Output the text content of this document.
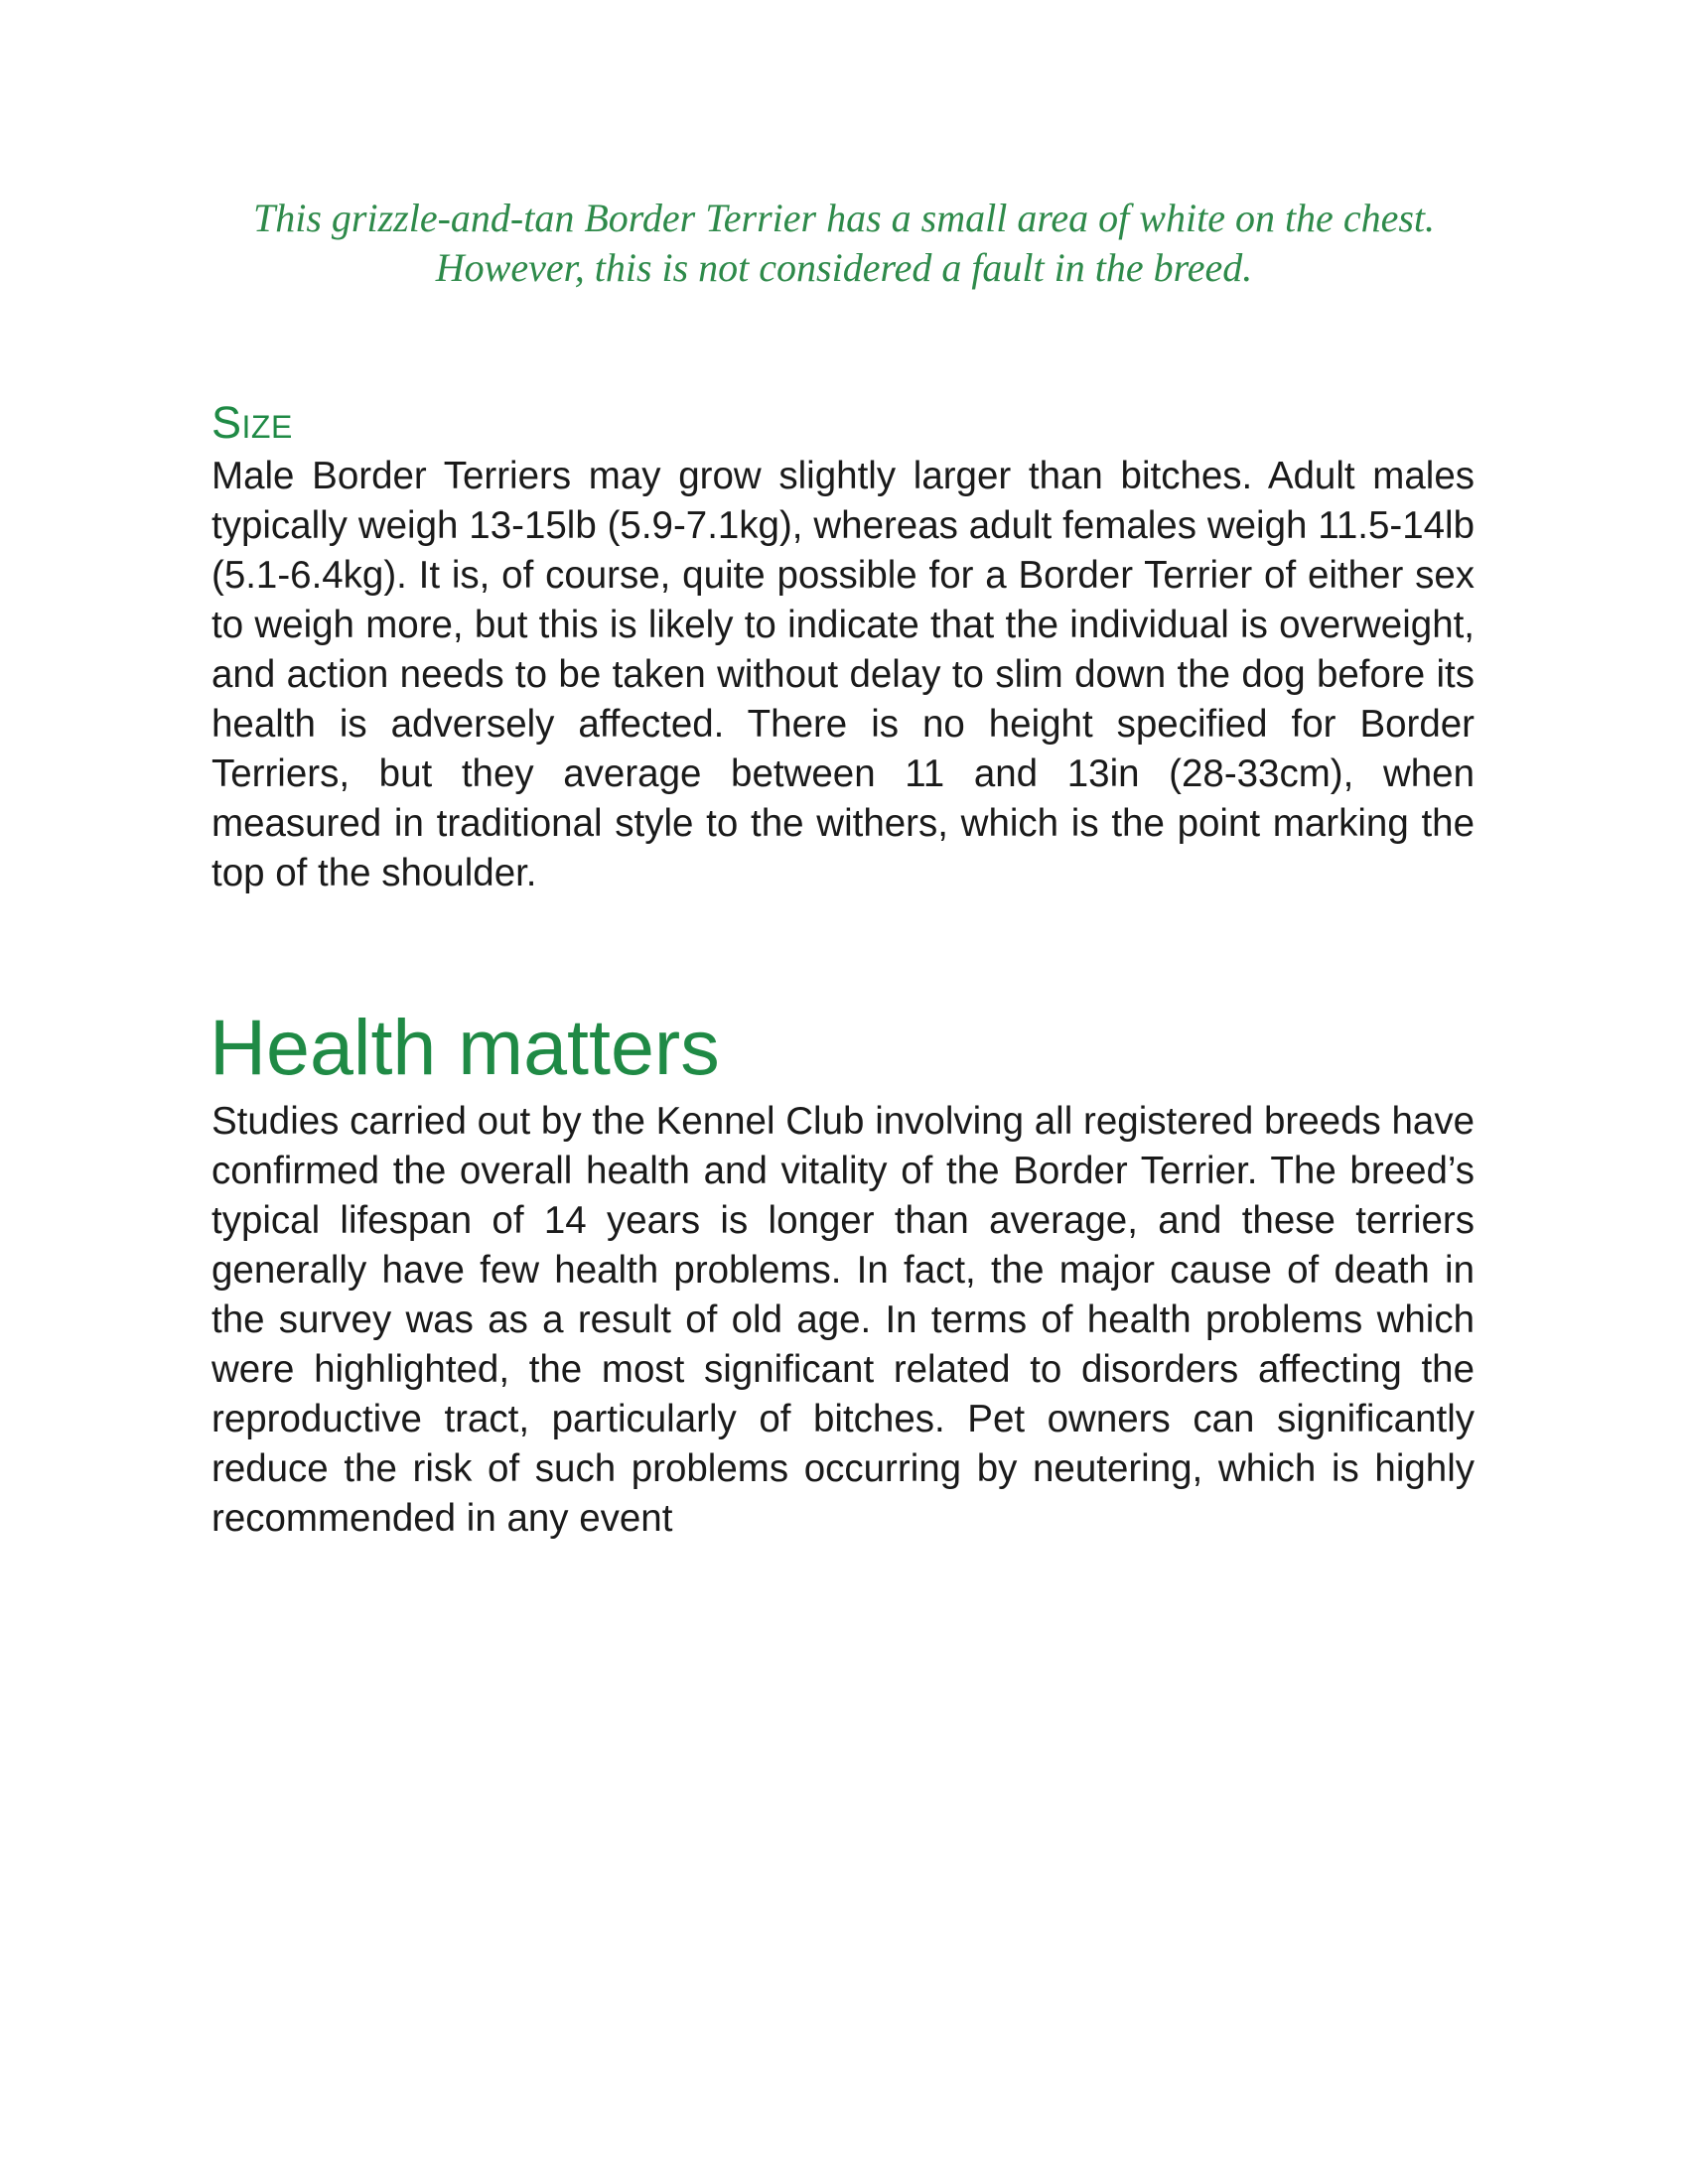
This grizzle-and-tan Border Terrier has a small area of white on the chest.
However, this is not considered a fault in the breed.
Size

Male Border Terriers may grow slightly larger than bitches. Adult males typically weigh 13-15lb (5.9-7.1kg), whereas adult females weigh 11.5-14lb (5.1-6.4kg). It is, of course, quite possible for a Border Terrier of either sex to weigh more, but this is likely to indicate that the individual is overweight, and action needs to be taken without delay to slim down the dog before its health is adversely affected. There is no height specified for Border Terriers, but they average between 11 and 13in (28-33cm), when measured in traditional style to the withers, which is the point marking the top of the shoulder.

Health matters

Studies carried out by the Kennel Club involving all registered breeds have confirmed the overall health and vitality of the Border Terrier. The breed’s typical lifespan of 14 years is longer than average, and these terriers generally have few health problems. In fact, the major cause of death in the survey was as a result of old age. In terms of health problems which were highlighted, the most significant related to disorders affecting the reproductive tract, particularly of bitches. Pet owners can significantly reduce the risk of such problems occurring by neutering, which is highly recommended in any event
